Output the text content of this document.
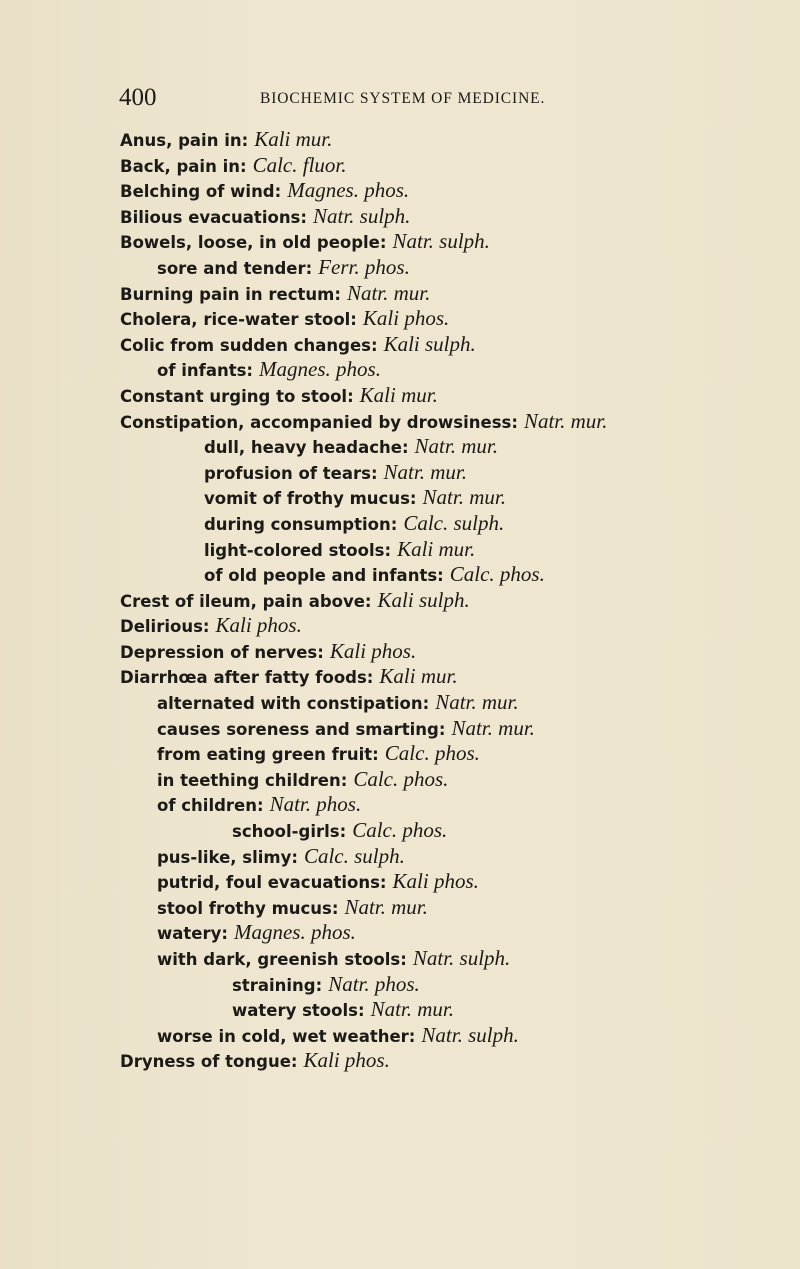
400	BIOCHEMIC SYSTEM OF MEDICINE.
Anus, pain in: Kali mur.
Back, pain in: Calc. fluor.
Belching of wind: Magnes. phos.
Bilious evacuations: Natr. sulph.
Bowels, loose, in old people: Natr. sulph.
sore and tender: Ferr. phos.
Burning pain in rectum: Natr. mur.
Cholera, rice-water stool: Kali phos.
Colic from sudden changes: Kali sulph.
of infants: Magnes. phos.
Constant urging to stool: Kali mur.
Constipation, accompanied by drowsiness: Natr. mur.
dull, heavy headache: Natr. mur.
profusion of tears: Natr. mur.
vomit of frothy mucus: Natr. mur.
during consumption: Calc. sulph.
light-colored stools: Kali mur.
of old people and infants: Calc. phos.
Crest of ileum, pain above: Kali sulph.
Delirious: Kali phos.
Depression of nerves: Kali phos.
Diarrhœa after fatty foods: Kali mur.
alternated with constipation: Natr. mur.
causes soreness and smarting: Natr. mur.
from eating green fruit: Calc. phos.
in teething children: Calc. phos.
of children: Natr. phos.
school-girls: Calc. phos.
pus-like, slimy: Calc. sulph.
putrid, foul evacuations: Kali phos.
stool frothy mucus: Natr. mur.
watery: Magnes. phos.
with dark, greenish stools: Natr. sulph.
straining: Natr. phos.
watery stools: Natr. mur.
worse in cold, wet weather: Natr. sulph.
Dryness of tongue: Kali phos.
